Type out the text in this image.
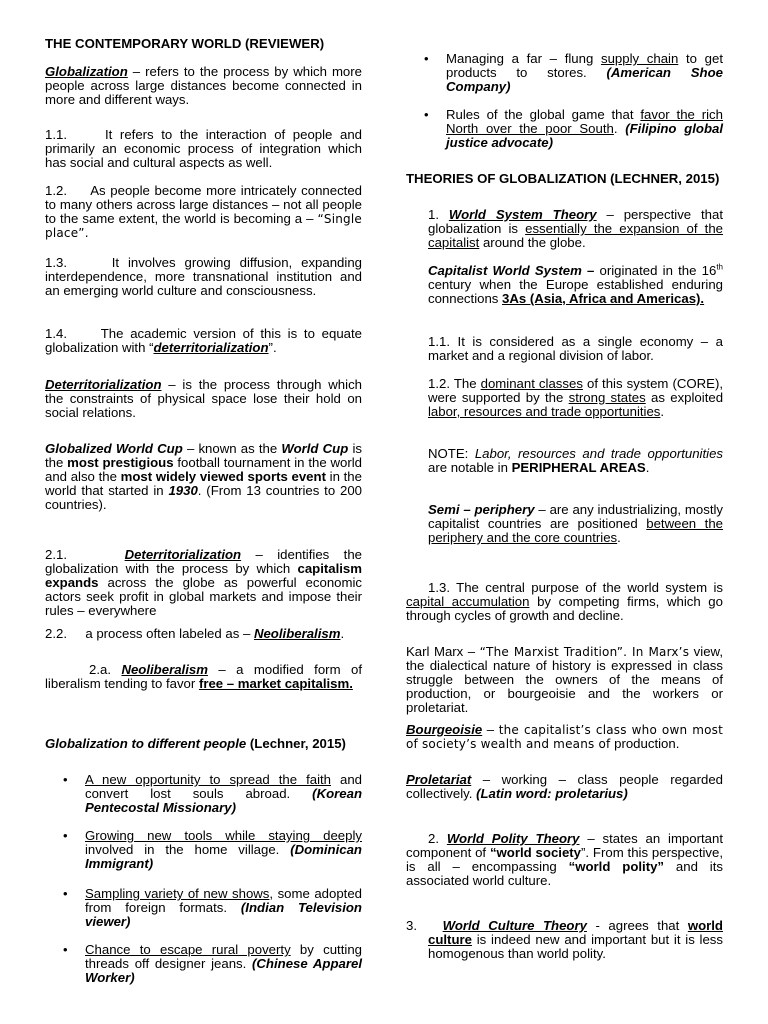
THE CONTEMPORARY WORLD (REVIEWER)

Globalization – refers to the process by which more people across large distances become connected in more and different ways.

1.1.	It refers to the interaction of people and primarily an economic process of integration which has social and cultural aspects as well.

1.2. As people become more intricately connected to many others across large distances – not all people to the same extent, the world is becoming a – “Single place”.

1.3.	It involves growing diffusion, expanding interdependence, more transnational institution and an emerging world culture and consciousness.

1.4.	The academic version of this is to equate globalization with “deterritorialization”.

Deterritorialization – is the process through which the constraints of physical space lose their hold on social relations.

Globalized World Cup – known as the World Cup is the most prestigious football tournament in the world and also the most widely viewed sports event in the world that started in 1930. (From 13 countries to 200 countries).

2.1.	Deterritorialization – identifies the globalization with the process by which capitalism expands across the globe as powerful economic actors seek profit in global markets and impose their rules – everywhere

2.2. a process often labeled as – Neoliberalism.

2.a. Neoliberalism – a modified form of liberalism tending to favor free – market capitalism.

Globalization to different people (Lechner, 2015)

• A new opportunity to spread the faith and convert lost souls abroad. (Korean Pentecostal Missionary)
• Growing new tools while staying deeply involved in the home village. (Dominican Immigrant)
• Sampling variety of new shows, some adopted from foreign formats. (Indian Television viewer)
• Chance to escape rural poverty by cutting threads off designer jeans. (Chinese Apparel Worker)
• Managing a far – flung supply chain to get products to stores. (American Shoe Company)
• Rules of the global game that favor the rich North over the poor South. (Filipino global justice advocate)

THEORIES OF GLOBALIZATION (LECHNER, 2015)

1. World System Theory – perspective that globalization is essentially the expansion of the capitalist around the globe.

Capitalist World System – originated in the 16th century when the Europe established enduring connections 3As (Asia, Africa and Americas).

1.1. It is considered as a single economy – a market and a regional division of labor.

1.2. The dominant classes of this system (CORE), were supported by the strong states as exploited labor, resources and trade opportunities.

NOTE: Labor, resources and trade opportunities are notable in PERIPHERAL AREAS.

Semi – periphery – are any industrializing, mostly capitalist countries are positioned between the periphery and the core countries.

1.3. The central purpose of the world system is capital accumulation by competing firms, which go through cycles of growth and decline.

Karl Marx – “The Marxist Tradition”. In Marx’s view, the dialectical nature of history is expressed in class struggle between the owners of the means of production, or bourgeoisie and the workers or proletariat.

Bourgeoisie – the capitalist’s class who own most of society’s wealth and means of production.

Proletariat – working – class people regarded collectively. (Latin word: proletarius)

2. World Polity Theory – states an important component of “world society”. From this perspective, is all – encompassing “world polity” and its associated world culture.

3. World Culture Theory - agrees that world culture is indeed new and important but it is less homogenous than world polity.
